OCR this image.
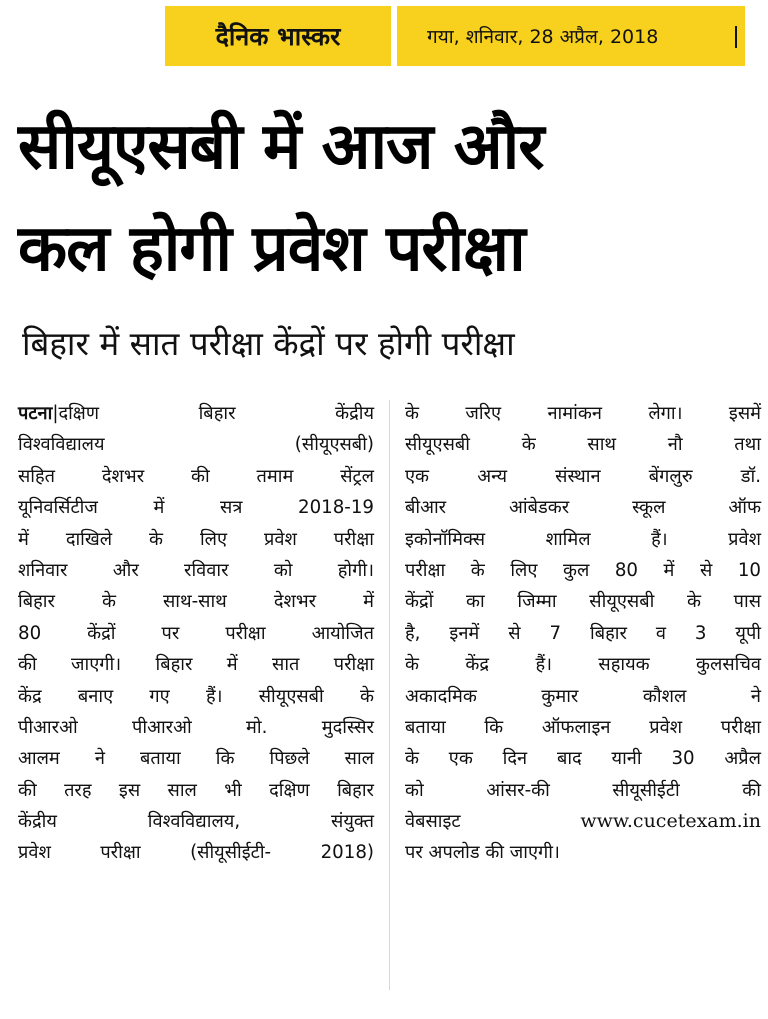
दैनिक भास्कर	गया, शनिवार, 28 अप्रैल, 2018
सीयूएसबी में आज और
कल होगी प्रवेश परीक्षा
बिहार में सात परीक्षा केंद्रों पर होगी परीक्षा
पटना|दक्षिण बिहार केंद्रीय
विश्वविद्यालय (सीयूएसबी)
सहित देशभर की तमाम सेंट्रल
यूनिवर्सिटीज में सत्र 2018-19
में दाखिले के लिए प्रवेश परीक्षा
शनिवार और रविवार को होगी।
बिहार के साथ-साथ देशभर में
80 केंद्रों पर परीक्षा आयोजित
की जाएगी। बिहार में सात परीक्षा
केंद्र बनाए गए हैं। सीयूएसबी के
पीआरओ पीआरओ मो. मुदस्सिर
आलम ने बताया कि पिछले साल
की तरह इस साल भी दक्षिण बिहार
केंद्रीय विश्वविद्यालय, संयुक्त
प्रवेश परीक्षा (सीयूसीईटी- 2018)
के जरिए नामांकन लेगा। इसमें
सीयूएसबी के साथ नौ तथा
एक अन्य संस्थान बेंगलुरु डॉ.
बीआर आंबेडकर स्कूल ऑफ
इकोनॉमिक्स शामिल हैं। प्रवेश
परीक्षा के लिए कुल 80 में से 10
केंद्रों का जिम्मा सीयूएसबी के पास
है, इनमें से 7 बिहार व 3 यूपी
के केंद्र हैं। सहायक कुलसचिव
अकादमिक कुमार कौशल ने
बताया कि ऑफलाइन प्रवेश परीक्षा
के एक दिन बाद यानी 30 अप्रैल
को आंसर-की सीयूसीईटी की
वेबसाइट	www.cucetexam.in
पर अपलोड की जाएगी।
